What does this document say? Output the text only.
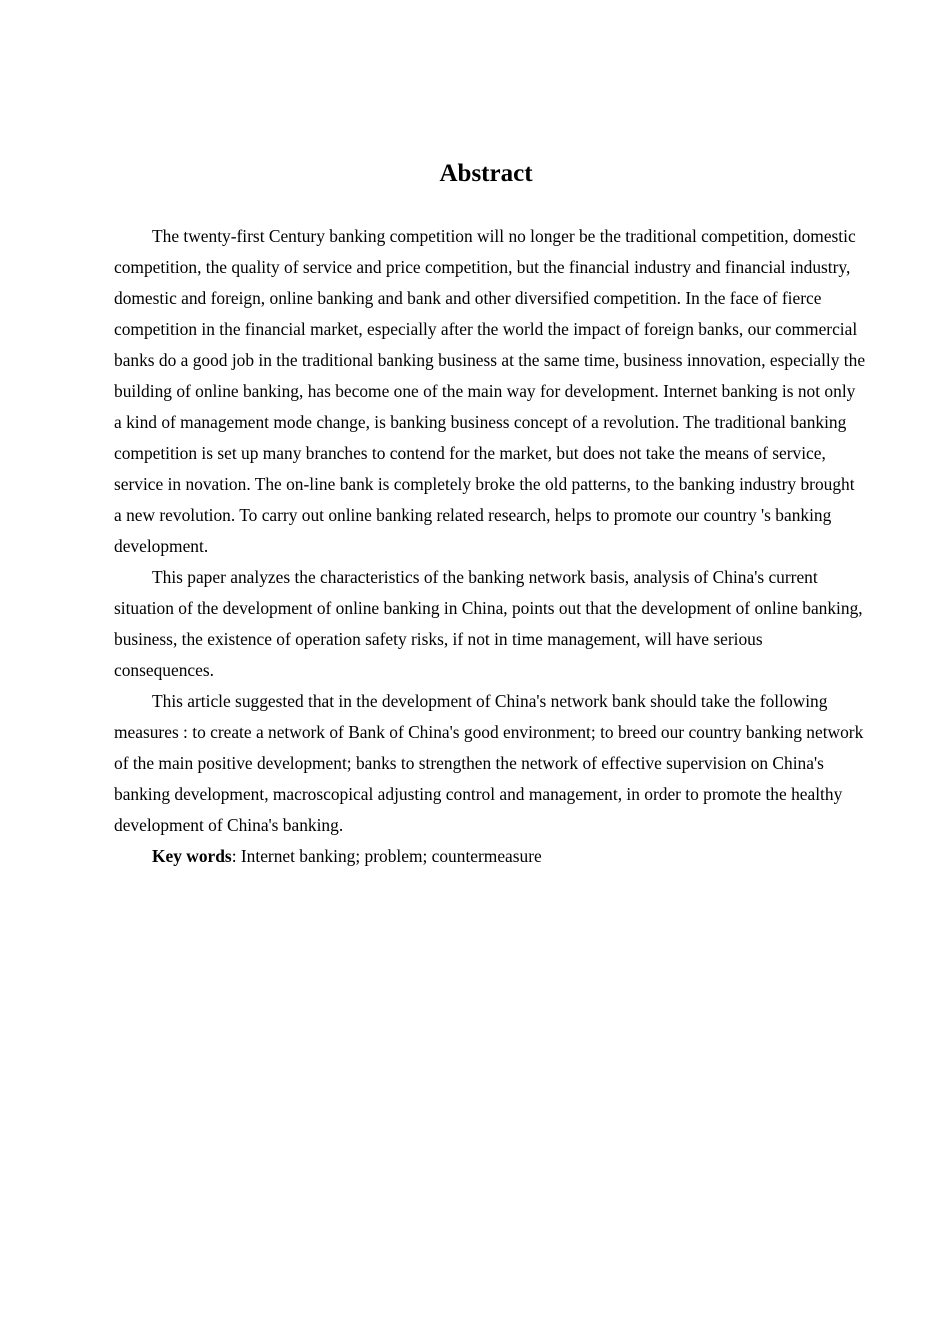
Abstract

The twenty-first Century banking competition will no longer be the traditional competition, domestic competition, the quality of service and price competition, but the financial industry and financial industry, domestic and foreign, online banking and bank and other diversified competition. In the face of fierce competition in the financial market, especially after the world the impact of foreign banks, our commercial banks do a good job in the traditional banking business at the same time, business innovation, especially the building of online banking, has become one of the main way for development. Internet banking is not only a kind of management mode change, is banking business concept of a revolution. The traditional banking competition is set up many branches to contend for the market, but does not take the means of service, service in novation. The on-line bank is completely broke the old patterns, to the banking industry brought a new revolution. To carry out online banking related research, helps to promote our country 's banking development.

This paper analyzes the characteristics of the banking network basis, analysis of China's current situation of the development of online banking in China, points out that the development of online banking, business, the existence of operation safety risks, if not in time management, will have serious consequences.

This article suggested that in the development of China's network bank should take the following measures : to create a network of Bank of China's good environment; to breed our country banking network of the main positive development; banks to strengthen the network of effective supervision on China's banking development, macroscopical adjusting control and management, in order to promote the healthy development of China's banking.

Key words: Internet banking; problem; countermeasure
